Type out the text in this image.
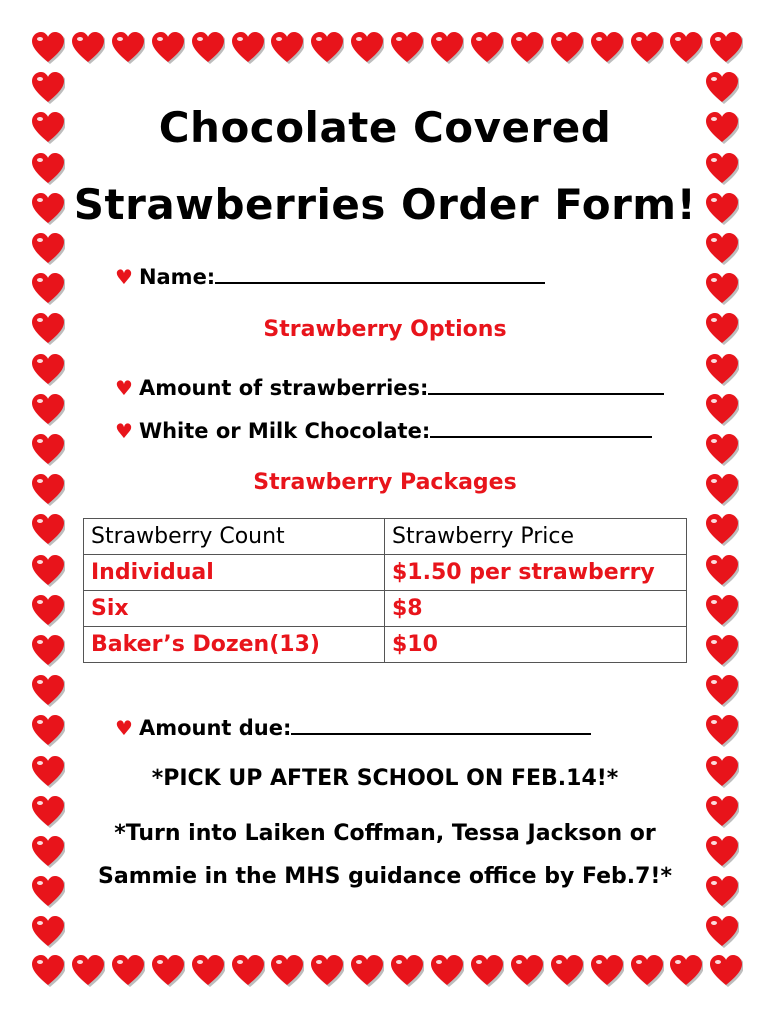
Chocolate Covered
Strawberries Order Form!
♥ Name:
Strawberry Options
♥ Amount of strawberries:
♥ White or Milk Chocolate:
Strawberry Packages
Strawberry Count	Strawberry Price
Individual	$1.50 per strawberry
Six	$8
Baker’s Dozen(13)	$10
♥ Amount due:
*PICK UP AFTER SCHOOL ON FEB.14!*
*Turn into Laiken Coffman, Tessa Jackson or
Sammie in the MHS guidance office by Feb.7!*
